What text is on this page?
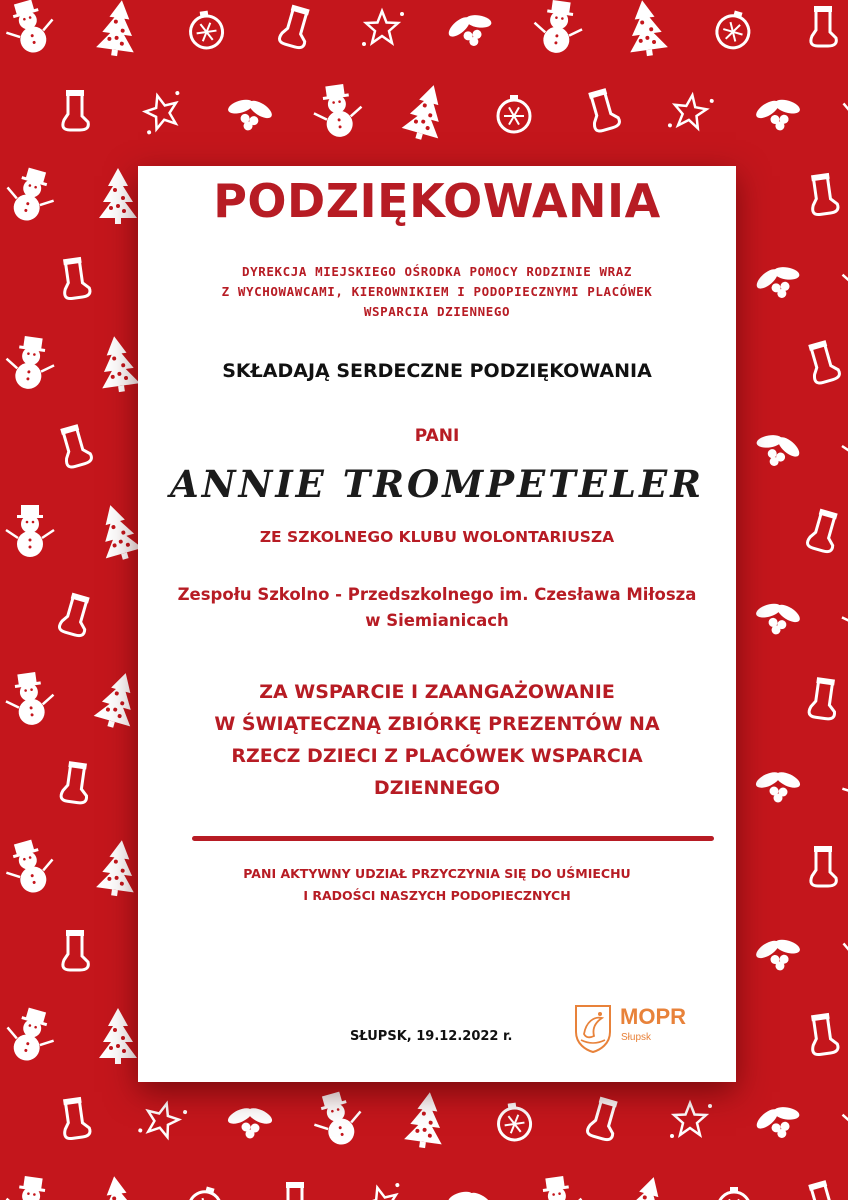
PODZIĘKOWANIA

DYREKCJA MIEJSKIEGO OŚRODKA POMOCY RODZINIE WRAZ
Z WYCHOWAWCAMI, KIEROWNIKIEM I PODOPIECZNYMI PLACÓWEK
WSPARCIA DZIENNEGO

SKŁADAJĄ SERDECZNE PODZIĘKOWANIA

PANI

ANNIE TROMPETELER

ZE SZKOLNEGO KLUBU WOLONTARIUSZA

Zespołu Szkolno - Przedszkolnego im. Czesława Miłosza
w Siemianicach

ZA WSPARCIE I ZAANGAŻOWANIE
W ŚWIĄTECZNĄ ZBIÓRKĘ PREZENTÓW NA
RZECZ DZIECI Z PLACÓWEK WSPARCIA
DZIENNEGO

PANI AKTYWNY UDZIAŁ PRZYCZYNIA SIĘ DO UŚMIECHU
I RADOŚCI NASZYCH PODOPIECZNYCH

SŁUPSK, 19.12.2022 r.

MOPR
Słupsk
